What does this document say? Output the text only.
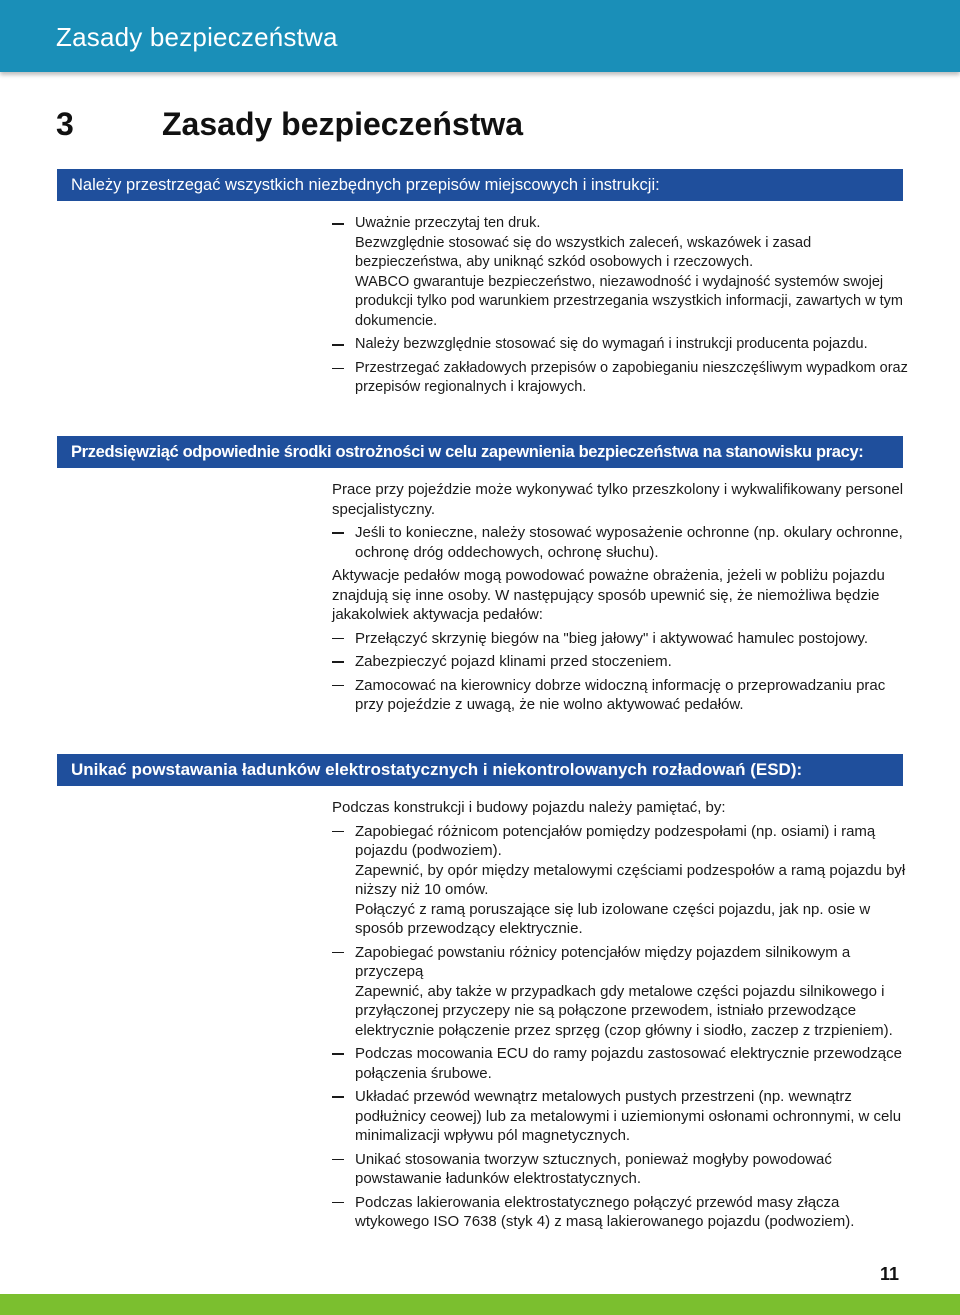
Zasady bezpieczeństwa
3	Zasady bezpieczeństwa
Należy przestrzegać wszystkich niezbędnych przepisów miejscowych i instrukcji:
Uważnie przeczytaj ten druk.
Bezwzględnie stosować się do wszystkich zaleceń, wskazówek i zasad bezpieczeństwa, aby uniknąć szkód osobowych i rzeczowych.
WABCO gwarantuje bezpieczeństwo, niezawodność i wydajność systemów swojej produkcji tylko pod warunkiem przestrzegania wszystkich informacji, zawartych w tym dokumencie.
Należy bezwzględnie stosować się do wymagań i instrukcji producenta pojazdu.
Przestrzegać zakładowych przepisów o zapobieganiu nieszczęśliwym wypadkom oraz przepisów regionalnych i krajowych.
Przedsięwziąć odpowiednie środki ostrożności w celu zapewnienia bezpieczeństwa na stanowisku pracy:

Prace przy pojeździe może wykonywać tylko przeszkolony i wykwalifikowany personel specjalistyczny.

Jeśli to konieczne, należy stosować wyposażenie ochronne (np. okulary ochronne, ochronę dróg oddechowych, ochronę słuchu).

Aktywacje pedałów mogą powodować poważne obrażenia, jeżeli w pobliżu pojazdu znajdują się inne osoby. W następujący sposób upewnić się, że niemożliwa będzie jakakolwiek aktywacja pedałów:

Przełączyć skrzynię biegów na "bieg jałowy" i aktywować hamulec postojowy.
Zabezpieczyć pojazd klinami przed stoczeniem.
Zamocować na kierownicy dobrze widoczną informację o przeprowadzaniu prac przy pojeździe z uwagą, że nie wolno aktywować pedałów.
Unikać powstawania ładunków elektrostatycznych i niekontrolowanych rozładowań (ESD):

Podczas konstrukcji i budowy pojazdu należy pamiętać, by:

Zapobiegać różnicom potencjałów pomiędzy podzespołami (np. osiami) i ramą pojazdu (podwoziem).
Zapewnić, by opór między metalowymi częściami podzespołów a ramą pojazdu był niższy niż 10 omów.
Połączyć z ramą poruszające się lub izolowane części pojazdu, jak np. osie w sposób przewodzący elektrycznie.
Zapobiegać powstaniu różnicy potencjałów między pojazdem silnikowym a przyczepą
Zapewnić, aby także w przypadkach gdy metalowe części pojazdu silnikowego i przyłączonej przyczepy nie są połączone przewodem, istniało przewodzące elektrycznie połączenie przez sprzęg (czop główny i siodło, zaczep z trzpieniem).
Podczas mocowania ECU do ramy pojazdu zastosować elektrycznie przewodzące połączenia śrubowe.
Układać przewód wewnątrz metalowych pustych przestrzeni (np. wewnątrz podłużnicy ceowej) lub za metalowymi i uziemionymi osłonami ochronnymi, w celu minimalizacji wpływu pól magnetycznych.
Unikać stosowania tworzyw sztucznych, ponieważ mogłyby powodować powstawanie ładunków elektrostatycznych.
Podczas lakierowania elektrostatycznego połączyć przewód masy złącza wtykowego ISO 7638 (styk 4) z masą lakierowanego pojazdu (podwoziem).
11
